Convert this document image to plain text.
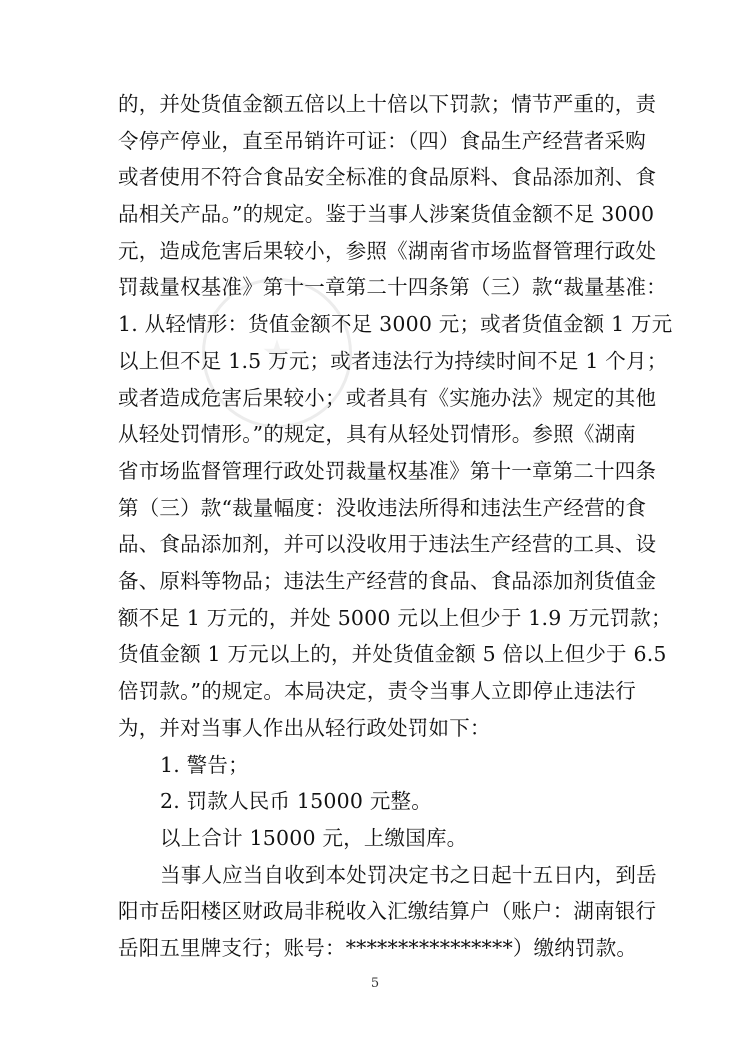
的，并处货值金额五倍以上十倍以下罚款；情节严重的，责
令停产停业，直至吊销许可证：（四）食品生产经营者采购
或者使用不符合食品安全标准的食品原料、食品添加剂、食
品相关产品。”的规定。鉴于当事人涉案货值金额不足 3000
元，造成危害后果较小，参照《湖南省市场监督管理行政处
罚裁量权基准》第十一章第二十四条第（三）款“裁量基准：
1. 从轻情形：货值金额不足 3000 元；或者货值金额 1 万元
以上但不足 1.5 万元；或者违法行为持续时间不足 1 个月；
或者造成危害后果较小；或者具有《实施办法》规定的其他
从轻处罚情形。”的规定，具有从轻处罚情形。参照《湖南
省市场监督管理行政处罚裁量权基准》第十一章第二十四条
第（三）款“裁量幅度：没收违法所得和违法生产经营的食
品、食品添加剂，并可以没收用于违法生产经营的工具、设
备、原料等物品；违法生产经营的食品、食品添加剂货值金
额不足 1 万元的，并处 5000 元以上但少于 1.9 万元罚款；
货值金额 1 万元以上的，并处货值金额 5 倍以上但少于 6.5
倍罚款。”的规定。本局决定，责令当事人立即停止违法行
为，并对当事人作出从轻行政处罚如下：
1. 警告；
2. 罚款人民币 15000 元整。
以上合计 15000 元，上缴国库。
当事人应当自收到本处罚决定书之日起十五日内，到岳
阳市岳阳楼区财政局非税收入汇缴结算户（账户：湖南银行
岳阳五里牌支行；账号：****************）缴纳罚款。
5
